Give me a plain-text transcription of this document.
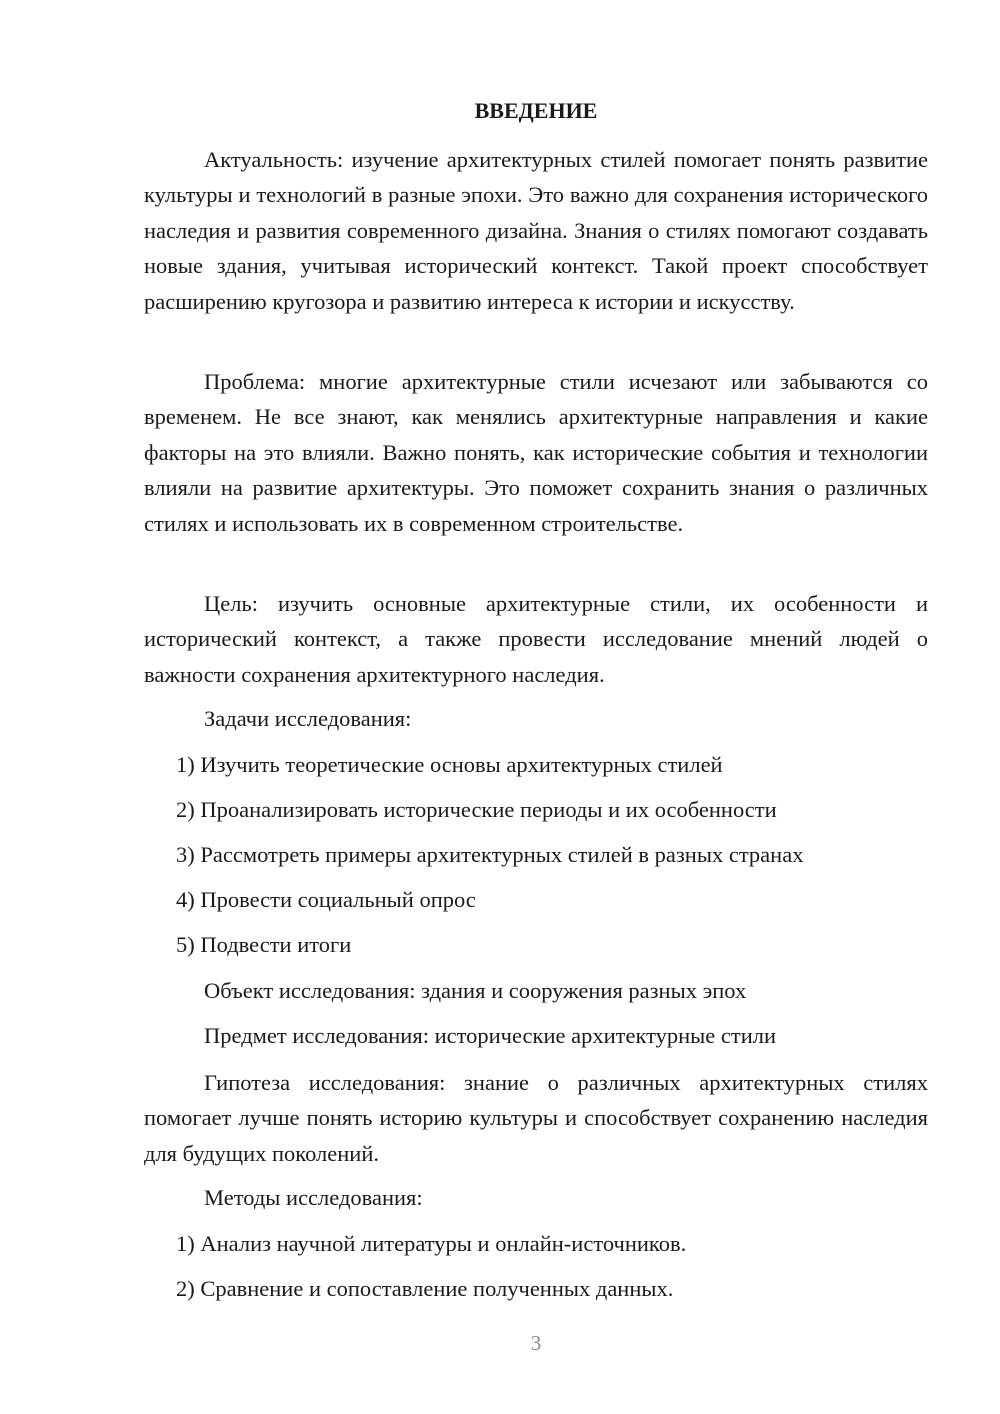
ВВЕДЕНИЕ

Актуальность: изучение архитектурных стилей помогает понять развитие культуры и технологий в разные эпохи. Это важно для сохранения исторического наследия и развития современного дизайна. Знания о стилях помогают создавать новые здания, учитывая исторический контекст. Такой проект способствует расширению кругозора и развитию интереса к истории и искусству.

Проблема: многие архитектурные стили исчезают или забываются со временем. Не все знают, как менялись архитектурные направления и какие факторы на это влияли. Важно понять, как исторические события и технологии влияли на развитие архитектуры. Это поможет сохранить знания о различных стилях и использовать их в современном строительстве.

Цель: изучить основные архитектурные стили, их особенности и исторический контекст, а также провести исследование мнений людей о важности сохранения архитектурного наследия.

Задачи исследования:
1) Изучить теоретические основы архитектурных стилей
2) Проанализировать исторические периоды и их особенности
3) Рассмотреть примеры архитектурных стилей в разных странах
4) Провести социальный опрос
5) Подвести итоги
Объект исследования: здания и сооружения разных эпох
Предмет исследования: исторические архитектурные стили

Гипотеза исследования: знание о различных архитектурных стилях помогает лучше понять историю культуры и способствует сохранению наследия для будущих поколений.

Методы исследования:
1) Анализ научной литературы и онлайн-источников.
2) Сравнение и сопоставление полученных данных.
3
